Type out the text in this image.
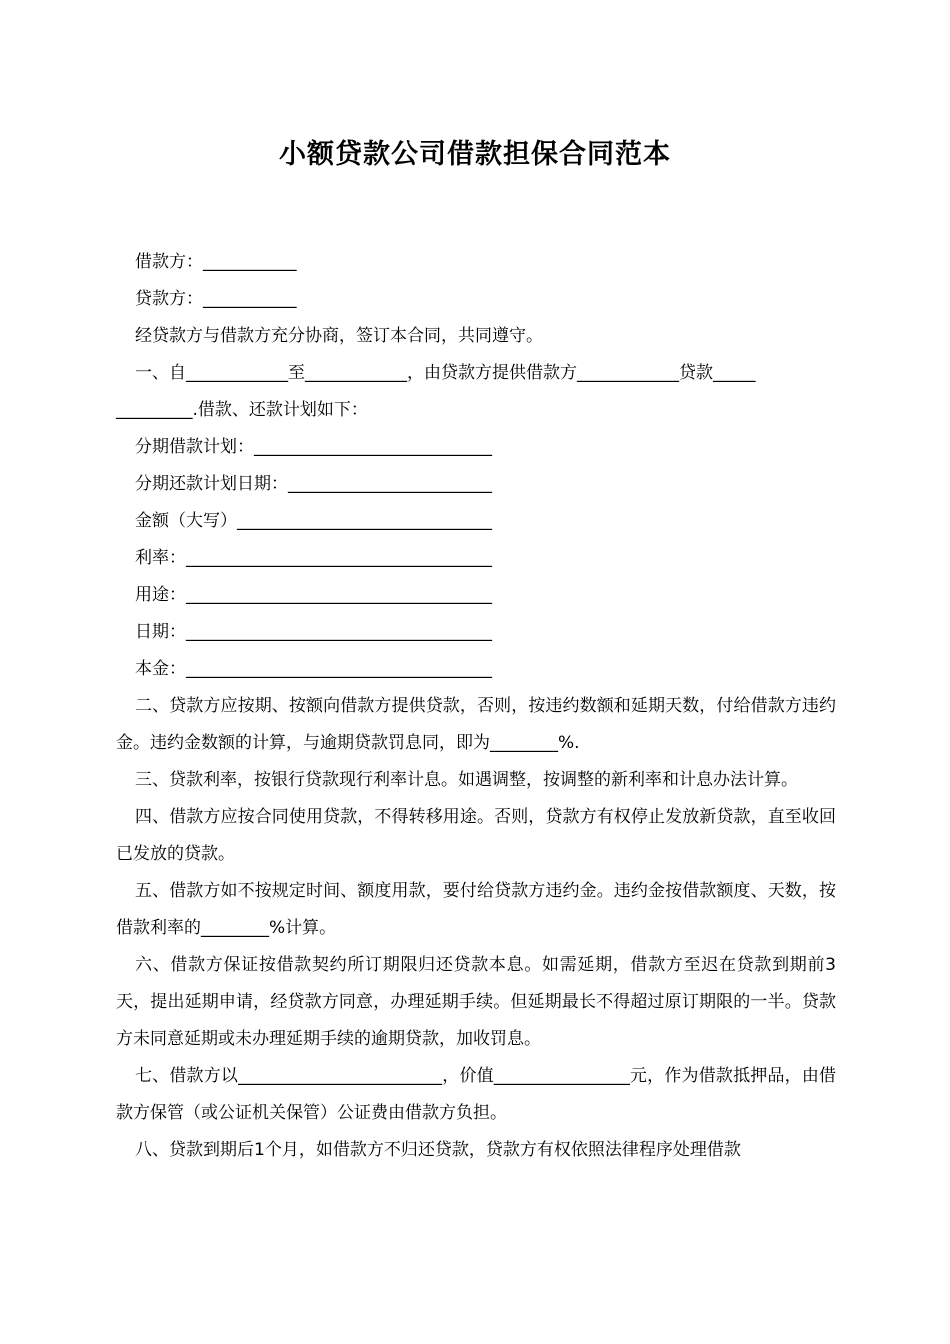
小额贷款公司借款担保合同范本

借款方：___________

贷款方：___________

经贷款方与借款方充分协商，签订本合同，共同遵守。

一、自____________至____________，由贷款方提供借款方____________贷款_____

_________.借款、还款计划如下：

分期借款计划：____________________________

分期还款计划日期：________________________

金额（大写）______________________________

利率：____________________________________

用途：____________________________________

日期：____________________________________

本金：____________________________________

二、贷款方应按期、按额向借款方提供贷款，否则，按违约数额和延期天数，付给借款方违约金。违约金数额的计算，与逾期贷款罚息同，即为________%.

三、贷款利率，按银行贷款现行利率计息。如遇调整，按调整的新利率和计息办法计算。

四、借款方应按合同使用贷款，不得转移用途。否则，贷款方有权停止发放新贷款，直至收回已发放的贷款。

五、借款方如不按规定时间、额度用款，要付给贷款方违约金。违约金按借款额度、天数，按借款利率的________%计算。

六、借款方保证按借款契约所订期限归还贷款本息。如需延期，借款方至迟在贷款到期前3天，提出延期申请，经贷款方同意，办理延期手续。但延期最长不得超过原订期限的一半。贷款方未同意延期或未办理延期手续的逾期贷款，加收罚息。

七、借款方以________________________，价值________________元，作为借款抵押品，由借款方保管（或公证机关保管）公证费由借款方负担。

八、贷款到期后1个月，如借款方不归还贷款，贷款方有权依照法律程序处理借款
